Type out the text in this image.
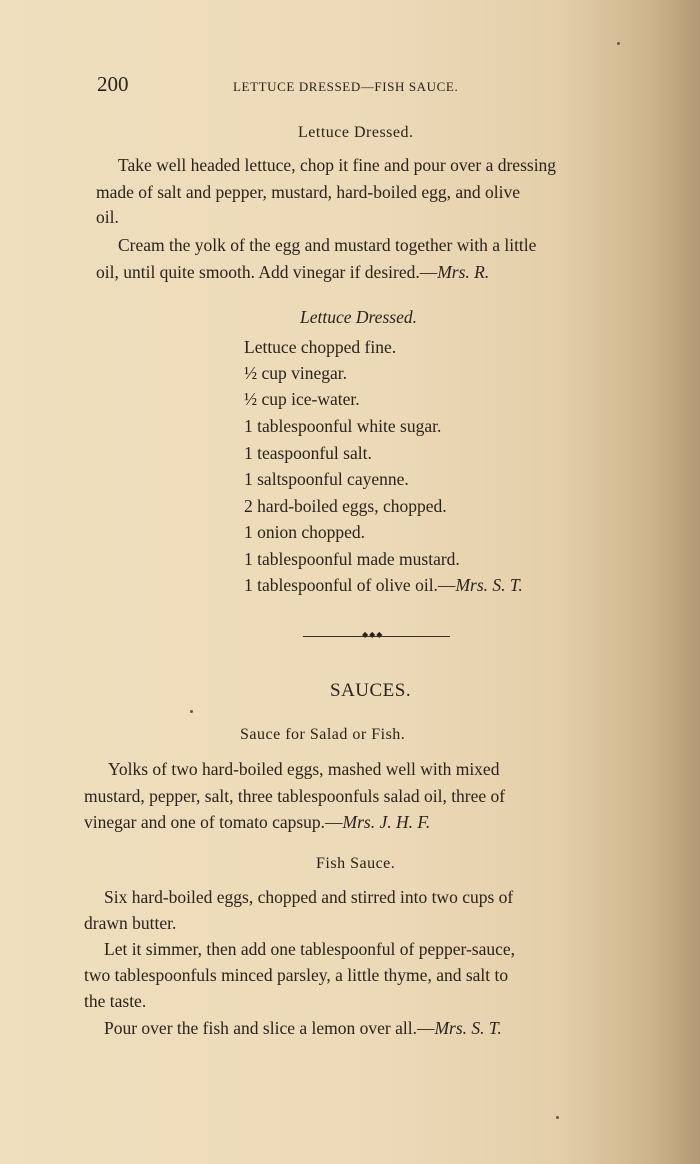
200	LETTUCE DRESSED—FISH SAUCE.
Lettuce Dressed.
Take well headed lettuce, chop it fine and pour over a dressing
made of salt and pepper, mustard, hard-boiled egg, and olive
oil.
Cream the yolk of the egg and mustard together with a little
oil, until quite smooth. Add vinegar if desired.—Mrs. R.
Lettuce Dressed.
Lettuce chopped fine.
½ cup vinegar.
½ cup ice-water.
1 tablespoonful white sugar.
1 teaspoonful salt.
1 saltspoonful cayenne.
2 hard-boiled eggs, chopped.
1 onion chopped.
1 tablespoonful made mustard.
1 tablespoonful of olive oil.—Mrs. S. T.
◆◆◆
SAUCES.
Sauce for Salad or Fish.
Yolks of two hard-boiled eggs, mashed well with mixed
mustard, pepper, salt, three tablespoonfuls salad oil, three of
vinegar and one of tomato capsup.—Mrs. J. H. F.
Fish Sauce.
Six hard-boiled eggs, chopped and stirred into two cups of
drawn butter.
Let it simmer, then add one tablespoonful of pepper-sauce,
two tablespoonfuls minced parsley, a little thyme, and salt to
the taste.
Pour over the fish and slice a lemon over all.—Mrs. S. T.
